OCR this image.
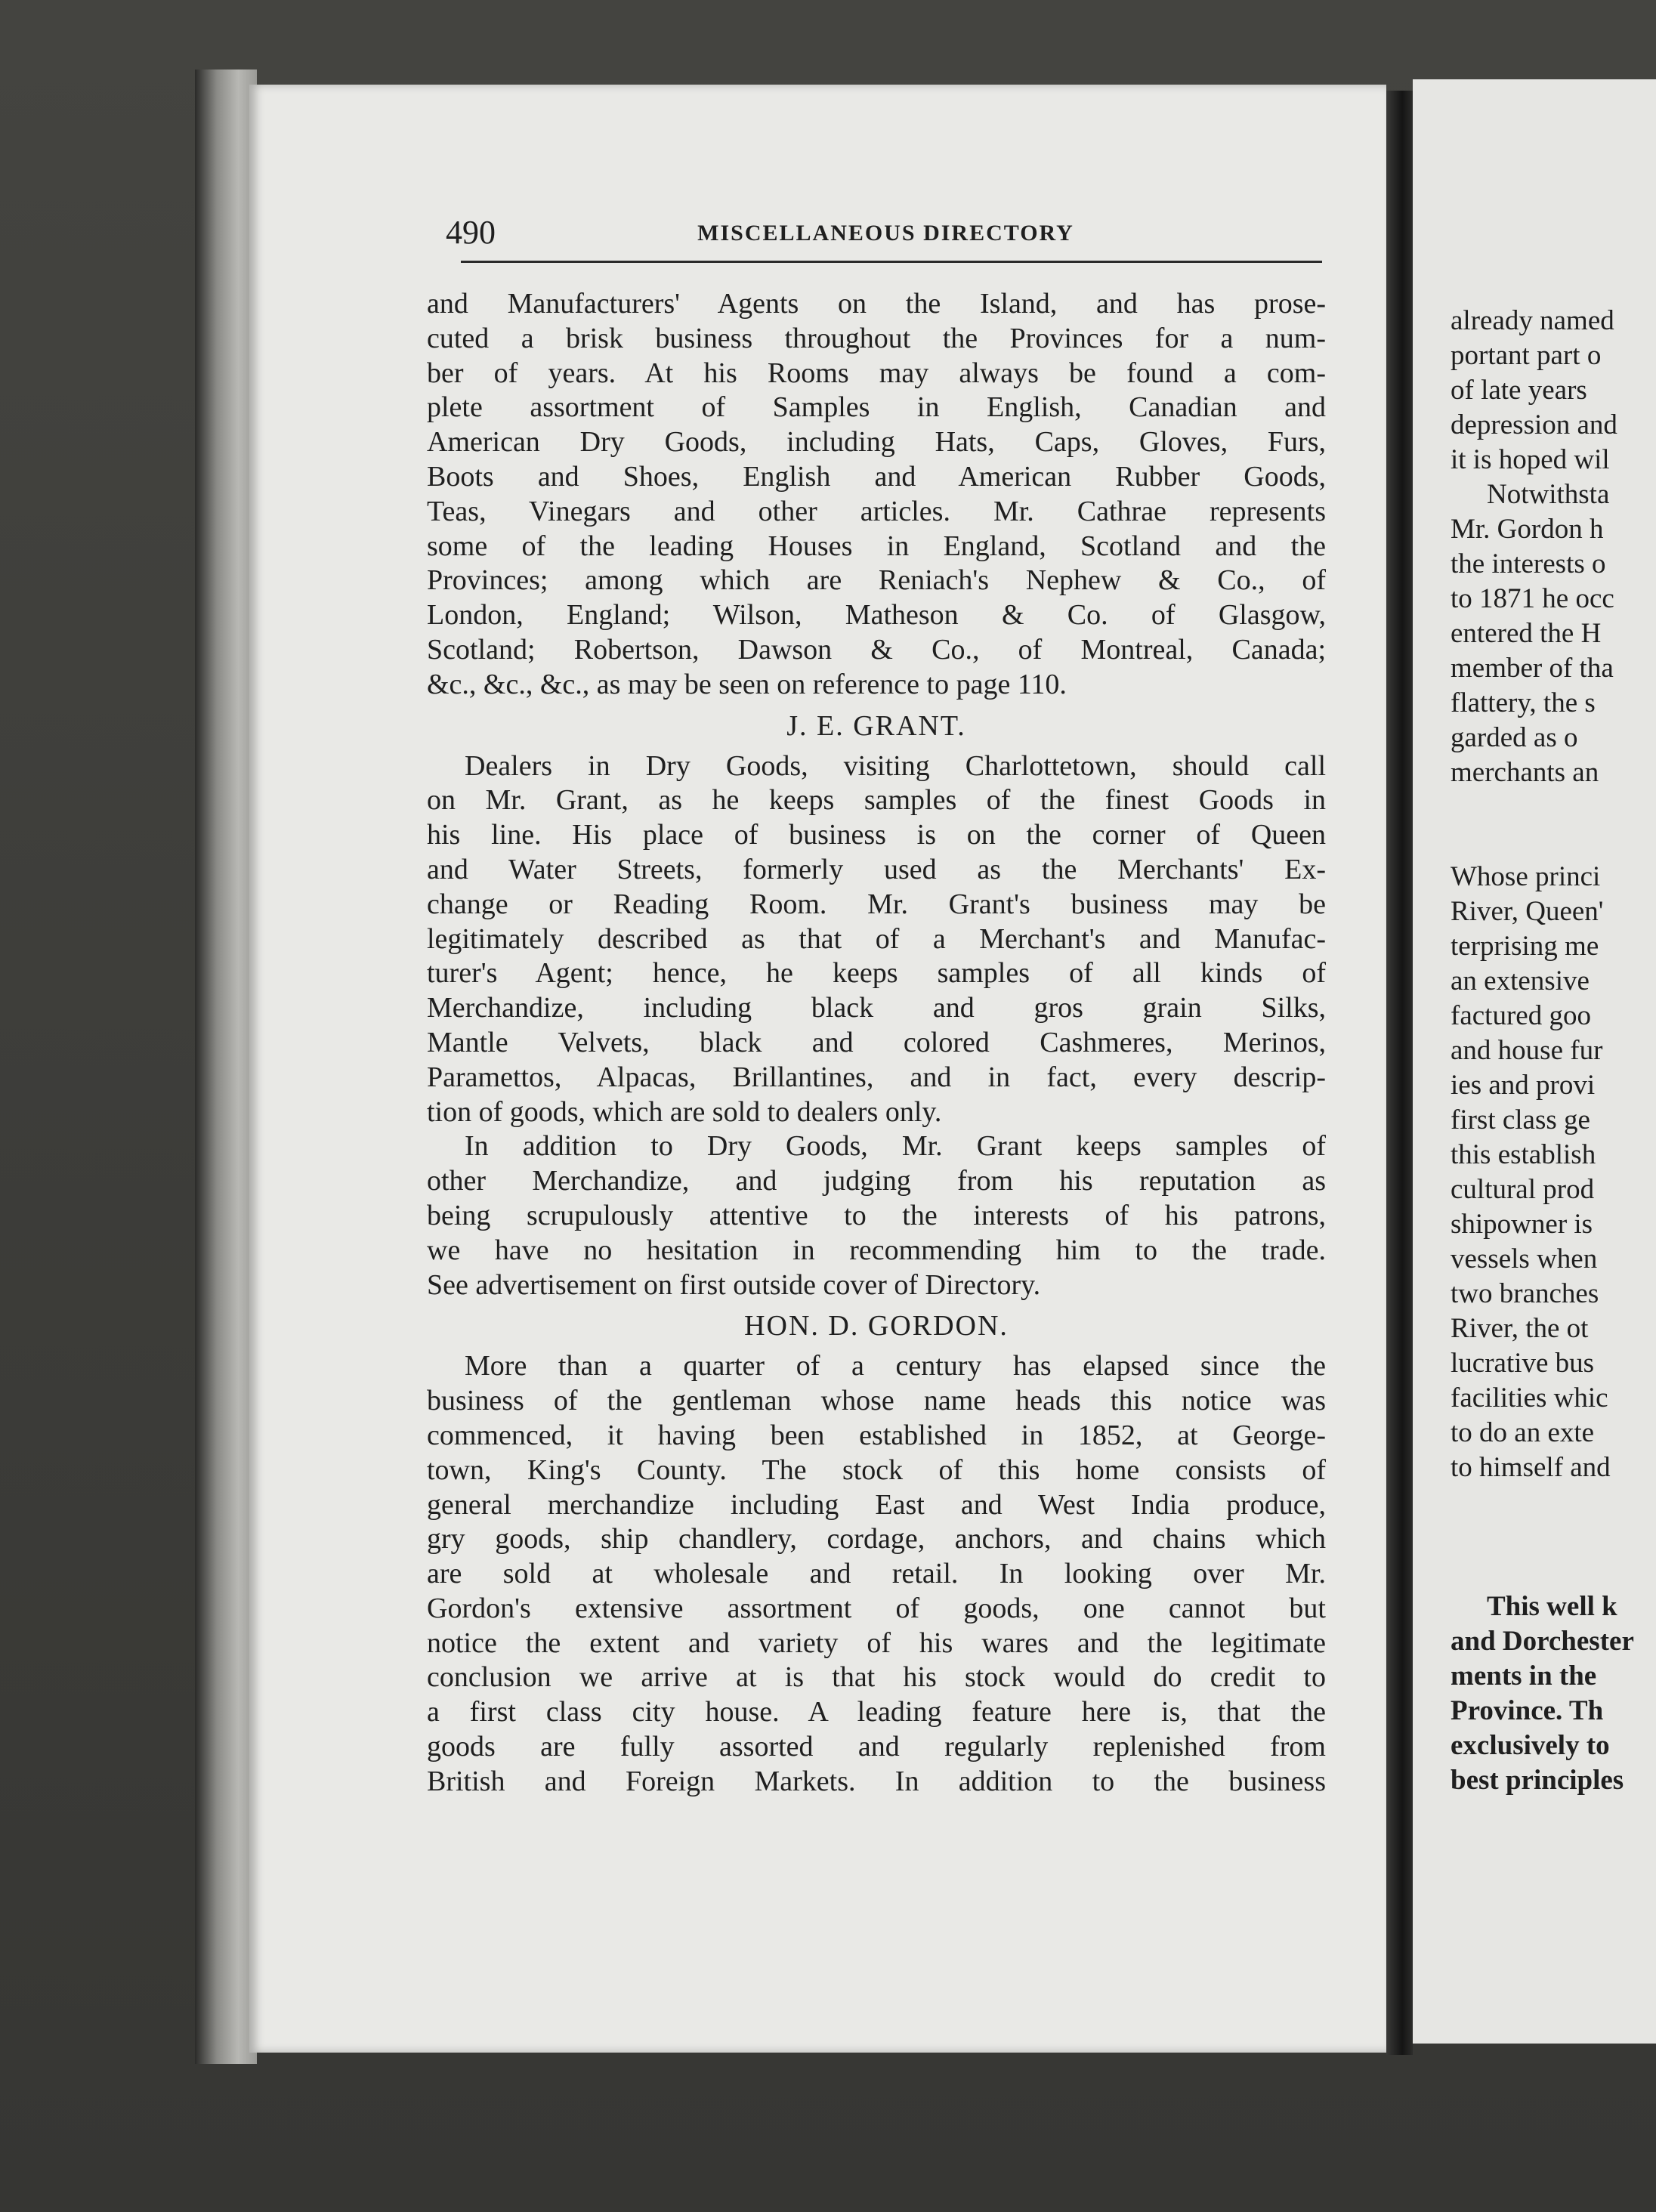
490	MISCELLANEOUS DIRECTORY
and Manufacturers' Agents on the Island, and has prose-
cuted a brisk business throughout the Provinces for a num-
ber of years. At his Rooms may always be found a com-
plete assortment of Samples in English, Canadian and
American Dry Goods, including Hats, Caps, Gloves, Furs,
Boots and Shoes, English and American Rubber Goods,
Teas, Vinegars and other articles. Mr. Cathrae represents
some of the leading Houses in England, Scotland and the
Provinces; among which are Reniach's Nephew & Co., of
London, England; Wilson, Matheson & Co. of Glasgow,
Scotland; Robertson, Dawson & Co., of Montreal, Canada;
&c., &c., &c., as may be seen on reference to page 110.
J. E. GRANT.
Dealers in Dry Goods, visiting Charlottetown, should call
on Mr. Grant, as he keeps samples of the finest Goods in
his line. His place of business is on the corner of Queen
and Water Streets, formerly used as the Merchants' Ex-
change or Reading Room. Mr. Grant's business may be
legitimately described as that of a Merchant's and Manufac-
turer's Agent; hence, he keeps samples of all kinds of
Merchandize, including black and gros grain Silks,
Mantle Velvets, black and colored Cashmeres, Merinos,
Paramettos, Alpacas, Brillantines, and in fact, every descrip-
tion of goods, which are sold to dealers only.
In addition to Dry Goods, Mr. Grant keeps samples of
other Merchandize, and judging from his reputation as
being scrupulously attentive to the interests of his patrons,
we have no hesitation in recommending him to the trade.
See advertisement on first outside cover of Directory.
HON. D. GORDON.
More than a quarter of a century has elapsed since the
business of the gentleman whose name heads this notice was
commenced, it having been established in 1852, at George-
town, King's County. The stock of this home consists of
general merchandize including East and West India produce,
gry goods, ship chandlery, cordage, anchors, and chains which
are sold at wholesale and retail. In looking over Mr.
Gordon's extensive assortment of goods, one cannot but
notice the extent and variety of his wares and the legitimate
conclusion we arrive at is that his stock would do credit to
a first class city house. A leading feature here is, that the
goods are fully assorted and regularly replenished from
British and Foreign Markets. In addition to the business
already named
portant part o
of late years
depression and
it is hoped wil
Notwithsta
Mr. Gordon h
the interests o
to 1871 he occ
entered the H
member of tha
flattery, the s
garded as o
merchants an
Whose princi
River, Queen'
terprising me
an extensive
factured goo
and house fur
ies and provi
first class ge
this establish
cultural prod
shipowner is
vessels when
two branches
River, the ot
lucrative bus
facilities whic
to do an exte
to himself and
This well k
and Dorchester
ments in the
Province. Th
exclusively to
best principles
